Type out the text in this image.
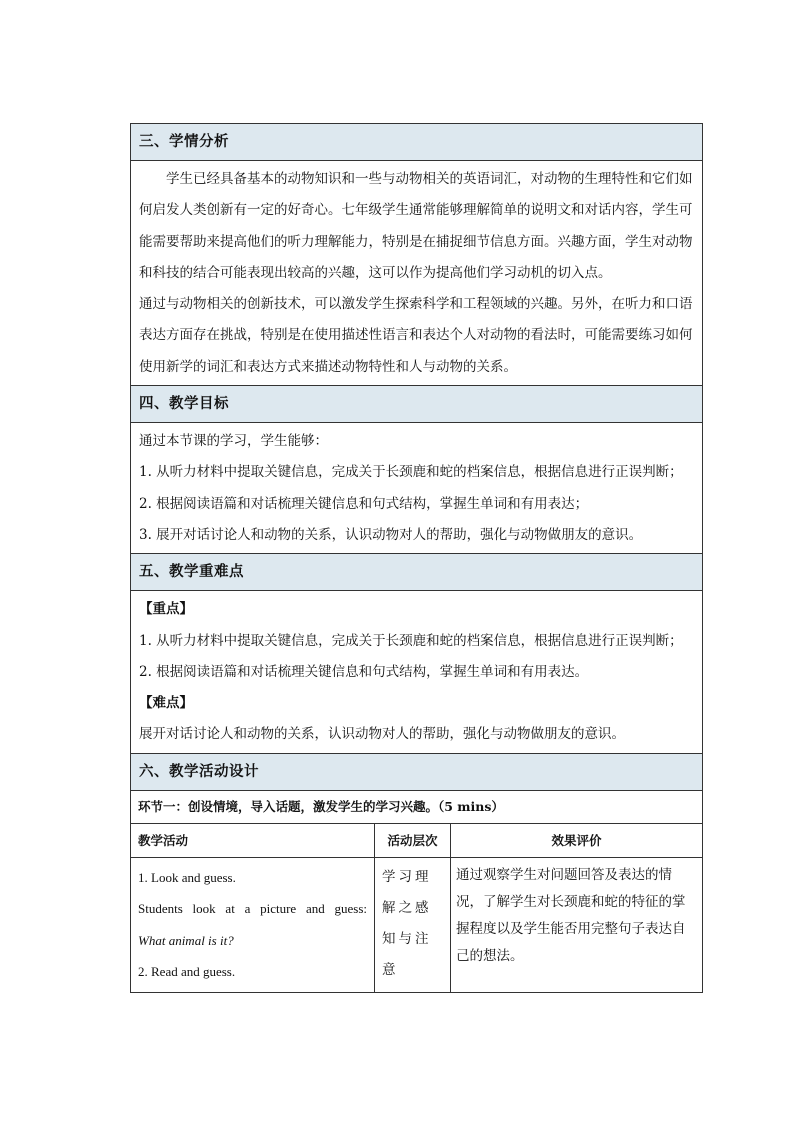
三、学情分析		

学生已经具备基本的动物知识和一些与动物相关的英语词汇，对动物的生理特性和它们如何启发人类创新有一定的好奇心。七年级学生通常能够理解简单的说明文和对话内容，学生可能需要帮助来提高他们的听力理解能力，特别是在捕捉细节信息方面。兴趣方面，学生对动物和科技的结合可能表现出较高的兴趣，这可以作为提高他们学习动机的切入点。

通过与动物相关的创新技术，可以激发学生探索科学和工程领域的兴趣。另外，在听力和口语表达方面存在挑战，特别是在使用描述性语言和表达个人对动物的看法时，可能需要练习如何使用新学的词汇和表达方式来描述动物特性和人与动物的关系。		

四、教学目标		

通过本节课的学习，学生能够：

1. 从听力材料中提取关键信息，完成关于长颈鹿和蛇的档案信息，根据信息进行正误判断；

2. 根据阅读语篇和对话梳理关键信息和句式结构，掌握生单词和有用表达；

3. 展开对话讨论人和动物的关系，认识动物对人的帮助，强化与动物做朋友的意识。		

五、教学重难点		

【重点】

1. 从听力材料中提取关键信息，完成关于长颈鹿和蛇的档案信息，根据信息进行正误判断；

2. 根据阅读语篇和对话梳理关键信息和句式结构，掌握生单词和有用表达。

【难点】

展开对话讨论人和动物的关系，认识动物对人的帮助，强化与动物做朋友的意识。		

六、教学活动设计		
环节一：创设情境，导入话题，激发学生的学习兴趣。（5 mins）		
教学活动	活动层次	效果评价

1. Look and guess.

Students look at a picture and guess:

What animal is it?

2. Read and guess.	学习理解之感知与注意	通过观察学生对问题回答及表达的情况，了解学生对长颈鹿和蛇的特征的掌握程度以及学生能否用完整句子表达自己的想法。
